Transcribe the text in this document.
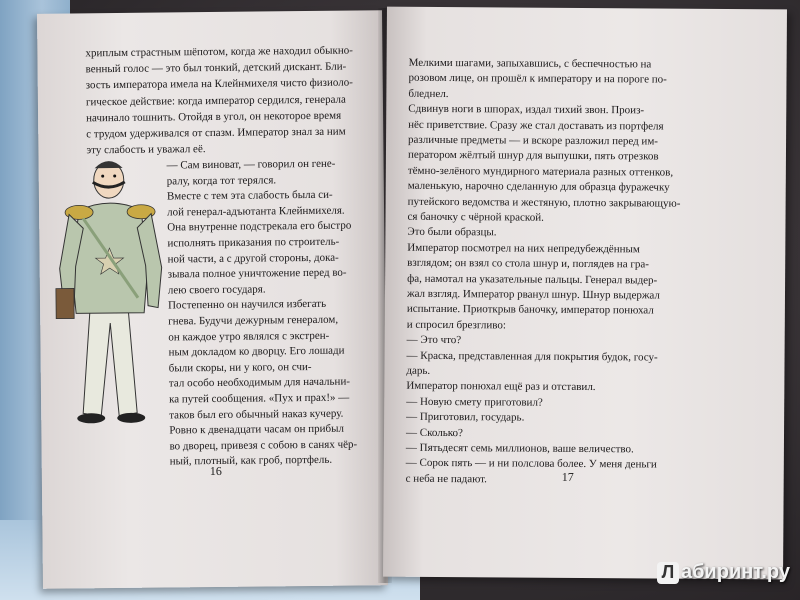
хриплым страстным шёпотом, когда же находил обыкно-
венный голос — это был тонкий, детский дискант. Бли-
зость императора имела на Клейнмихеля чисто физиоло-
гическое действие: когда император сердился, генерала
начинало тошнить. Отойдя в угол, он некоторое время
с трудом удерживался от спазм. Император знал за ним
эту слабость и уважал её.
— Сам виноват, — говорил он гене-
ралу, когда тот терялся.
Вместе с тем эта слабость была си-
лой генерал-адъютанта Клейнмихеля.
Она внутренне подстрекала его быстро
исполнять приказания по строитель-
ной части, а с другой стороны, дока-
зывала полное уничтожение перед во-
лею своего государя.
Постепенно он научился избегать
гнева. Будучи дежурным генералом,
он каждое утро являлся с экстрен-
ным докладом ко дворцу. Его лошади
были скоры, ни у кого, он счи-
тал особо необходимым для начальни-
ка путей сообщения. «Пух и прах!» —
таков был его обычный наказ кучеру.
Ровно к двенадцати часам он прибыл
во дворец, привезя с собою в санях чёр-
ный, плотный, как гроб, портфель.
16
Мелкими шагами, запыхавшись, с беспечностью на
розовом лице, он прошёл к императору и на пороге по-
бледнел.
Сдвинув ноги в шпорах, издал тихий звон. Произ-
нёс приветствие. Сразу же стал доставать из портфеля
различные предметы — и вскоре разложил перед им-
ператором жёлтый шнур для выпушки, пять отрезков
тёмно-зелёного мундирного материала разных оттенков,
маленькую, нарочно сделанную для образца фуражечку
путейского ведомства и жестяную, плотно закрывающую-
ся баночку с чёрной краской.
Это были образцы.
Император посмотрел на них непредубеждённым
взглядом; он взял со стола шнур и, поглядев на гра-
фа, намотал на указательные пальцы. Генерал выдер-
жал взгляд. Император рванул шнур. Шнур выдержал
испытание. Приоткрыв баночку, император понюхал
и спросил брезгливо:
— Это что?
— Краска, представленная для покрытия будок, госу-
дарь.
Император понюхал ещё раз и отставил.
— Новую смету приготовил?
— Приготовил, государь.
— Сколько?
— Пятьдесят семь миллионов, ваше величество.
— Сорок пять — и ни полслова более. У меня деньги
с неба не падают.	17
Л абиринт.ру
